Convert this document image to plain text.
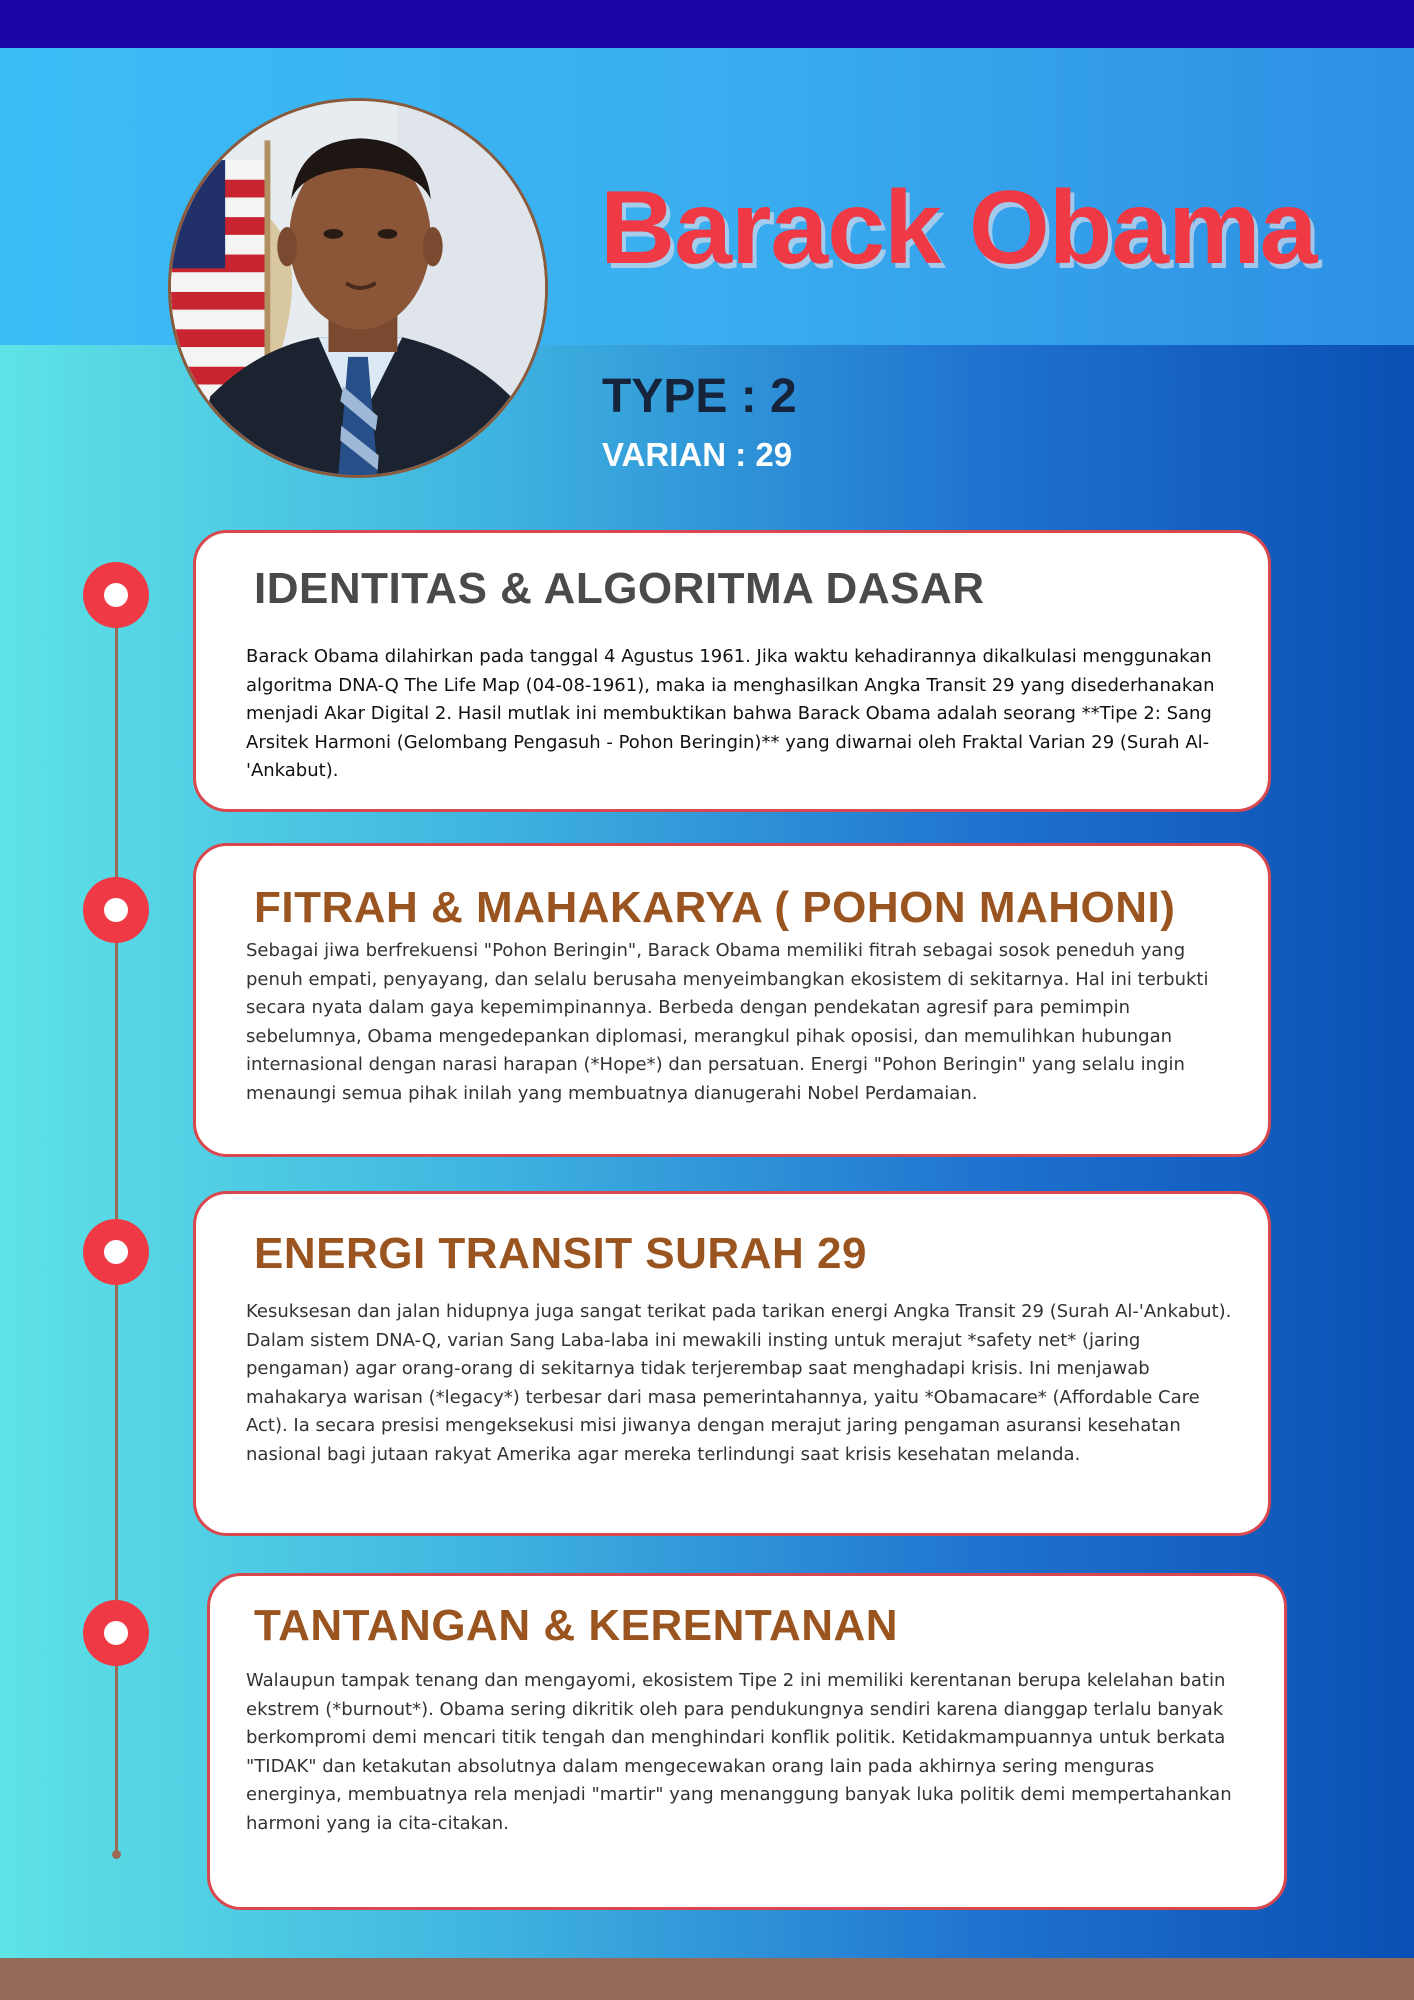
Barack Obama
TYPE : 2
VARIAN : 29
IDENTITAS & ALGORITMA DASAR

Barack Obama dilahirkan pada tanggal 4 Agustus 1961. Jika waktu kehadirannya dikalkulasi menggunakan algoritma DNA-Q The Life Map (04-08-1961), maka ia menghasilkan Angka Transit 29 yang disederhanakan menjadi Akar Digital 2. Hasil mutlak ini membuktikan bahwa Barack Obama adalah seorang **Tipe 2: Sang Arsitek Harmoni (Gelombang Pengasuh - Pohon Beringin)** yang diwarnai oleh Fraktal Varian 29 (Surah Al-'Ankabut).

FITRAH & MAHAKARYA ( POHON MAHONI)

Sebagai jiwa berfrekuensi "Pohon Beringin", Barack Obama memiliki fitrah sebagai sosok peneduh yang penuh empati, penyayang, dan selalu berusaha menyeimbangkan ekosistem di sekitarnya. Hal ini terbukti secara nyata dalam gaya kepemimpinannya. Berbeda dengan pendekatan agresif para pemimpin sebelumnya, Obama mengedepankan diplomasi, merangkul pihak oposisi, dan memulihkan hubungan internasional dengan narasi harapan (*Hope*) dan persatuan. Energi "Pohon Beringin" yang selalu ingin menaungi semua pihak inilah yang membuatnya dianugerahi Nobel Perdamaian.

ENERGI TRANSIT SURAH 29

Kesuksesan dan jalan hidupnya juga sangat terikat pada tarikan energi Angka Transit 29 (Surah Al-'Ankabut). Dalam sistem DNA-Q, varian Sang Laba-laba ini mewakili insting untuk merajut *safety net* (jaring pengaman) agar orang-orang di sekitarnya tidak terjerembap saat menghadapi krisis. Ini menjawab mahakarya warisan (*legacy*) terbesar dari masa pemerintahannya, yaitu *Obamacare* (Affordable Care Act). Ia secara presisi mengeksekusi misi jiwanya dengan merajut jaring pengaman asuransi kesehatan nasional bagi jutaan rakyat Amerika agar mereka terlindungi saat krisis kesehatan melanda.

TANTANGAN & KERENTANAN

Walaupun tampak tenang dan mengayomi, ekosistem Tipe 2 ini memiliki kerentanan berupa kelelahan batin ekstrem (*burnout*). Obama sering dikritik oleh para pendukungnya sendiri karena dianggap terlalu banyak berkompromi demi mencari titik tengah dan menghindari konflik politik. Ketidakmampuannya untuk berkata "TIDAK" dan ketakutan absolutnya dalam mengecewakan orang lain pada akhirnya sering menguras energinya, membuatnya rela menjadi "martir" yang menanggung banyak luka politik demi mempertahankan harmoni yang ia cita-citakan.
